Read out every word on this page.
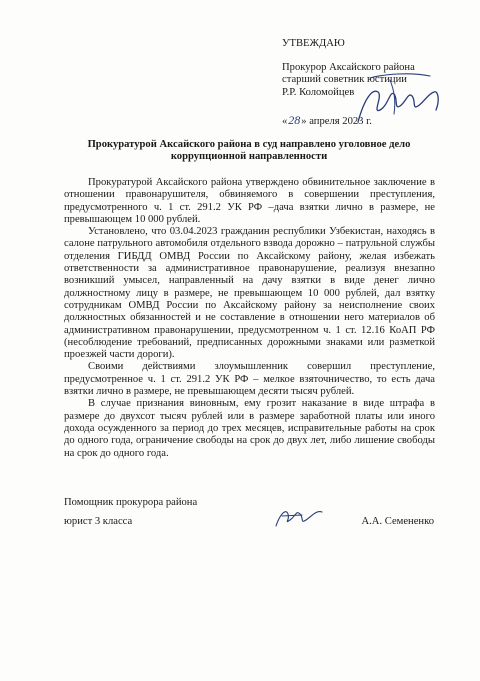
УТВЕЖДАЮ
Прокурор Аксайского района
старший советник юстиции
Р.Р. Коломойцев
«28» апреля 2023 г.
Прокуратурой Аксайского района в суд направлено уголовное дело
коррупционной направленности

Прокуратурой Аксайского района утверждено обвинительное заключение в отношении правонарушителя, обвиняемого в совершении преступления, предусмотренного ч. 1 ст. 291.2 УК РФ –дача взятки лично в размере, не превышающем 10 000 рублей.

Установлено, что 03.04.2023 гражданин республики Узбекистан, находясь в салоне патрульного автомобиля отдельного взвода дорожно – патрульной службы отделения ГИБДД ОМВД России по Аксайскому району, желая избежать ответственности за административное правонарушение, реализуя внезапно возникший умысел, направленный на дачу взятки в виде денег лично должностному лицу в размере, не превышающем 10 000 рублей, дал взятку сотрудникам ОМВД России по Аксайскому району за неисполнение своих должностных обязанностей и не составление в отношении него материалов об административном правонарушении, предусмотренном ч. 1 ст. 12.16 КоАП РФ (несоблюдение требований, предписанных дорожными знаками или разметкой проезжей части дороги).

Своими действиями злоумышленник совершил преступление, предусмотренное ч. 1 ст. 291.2 УК РФ – мелкое взяточничество, то есть дача взятки лично в размере, не превышающем десяти тысяч рублей.

В случае признания виновным, ему грозит наказание в виде штрафа в размере до двухсот тысяч рублей или в размере заработной платы или иного дохода осужденного за период до трех месяцев, исправительные работы на срок до одного года, ограничение свободы на срок до двух лет, либо лишение свободы на срок до одного года.

Помощник прокурора района
юрист 3 класса	А.А. Семененко
